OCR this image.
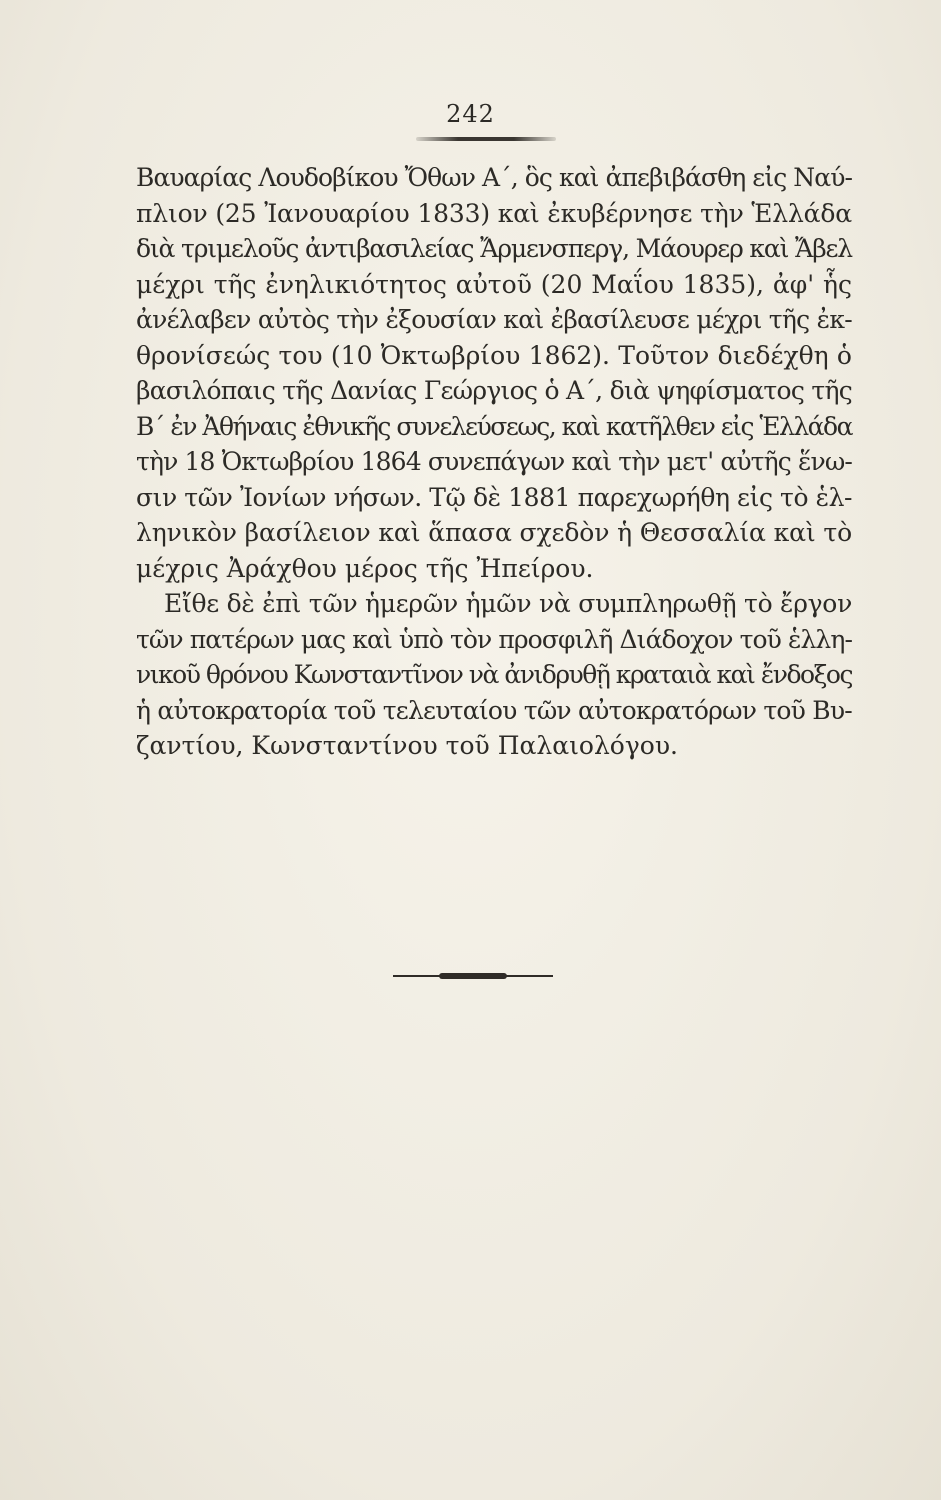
242
Βαυαρίας Λουδοβίκου Ὄθων Α΄, ὃς καὶ ἀπεβιβάσθη εἰς Ναύ-
πλιον (25 Ἰανουαρίου 1833) καὶ ἐκυβέρνησε τὴν Ἑλλάδα
διὰ τριμελοῦς ἀντιβασιλείας Ἄρμενσπεργ, Μάουρερ καὶ Ἄβελ
μέχρι τῆς ἐνηλικιότητος αὐτοῦ (20 Μαΐου 1835), ἀφ' ἧς
ἀνέλαβεν αὐτὸς τὴν ἐξουσίαν καὶ ἐβασίλευσε μέχρι τῆς ἐκ-
θρονίσεώς του (10 Ὀκτωβρίου 1862). Τοῦτον διεδέχθη ὁ
βασιλόπαις τῆς Δανίας Γεώργιος ὁ Α΄, διὰ ψηφίσματος τῆς
Β΄ ἐν Ἀθήναις ἐθνικῆς συνελεύσεως, καὶ κατῆλθεν εἰς Ἑλλάδα
τὴν 18 Ὀκτωβρίου 1864 συνεπάγων καὶ τὴν μετ' αὐτῆς ἕνω-
σιν τῶν Ἰονίων νήσων. Τῷ δὲ 1881 παρεχωρήθη εἰς τὸ ἑλ-
ληνικὸν βασίλειον καὶ ἅπασα σχεδὸν ἡ Θεσσαλία καὶ τὸ
μέχρις Ἀράχθου μέρος τῆς Ἠπείρου.
Εἴθε δὲ ἐπὶ τῶν ἡμερῶν ἡμῶν νὰ συμπληρωθῇ τὸ ἔργον
τῶν πατέρων μας καὶ ὑπὸ τὸν προσφιλῆ Διάδοχον τοῦ ἑλλη-
νικοῦ θρόνου Κωνσταντῖνον νὰ ἀνιδρυθῇ κραταιὰ καὶ ἔνδοξος
ἡ αὐτοκρατορία τοῦ τελευταίου τῶν αὐτοκρατόρων τοῦ Βυ-
ζαντίου, Κωνσταντίνου τοῦ Παλαιολόγου.
